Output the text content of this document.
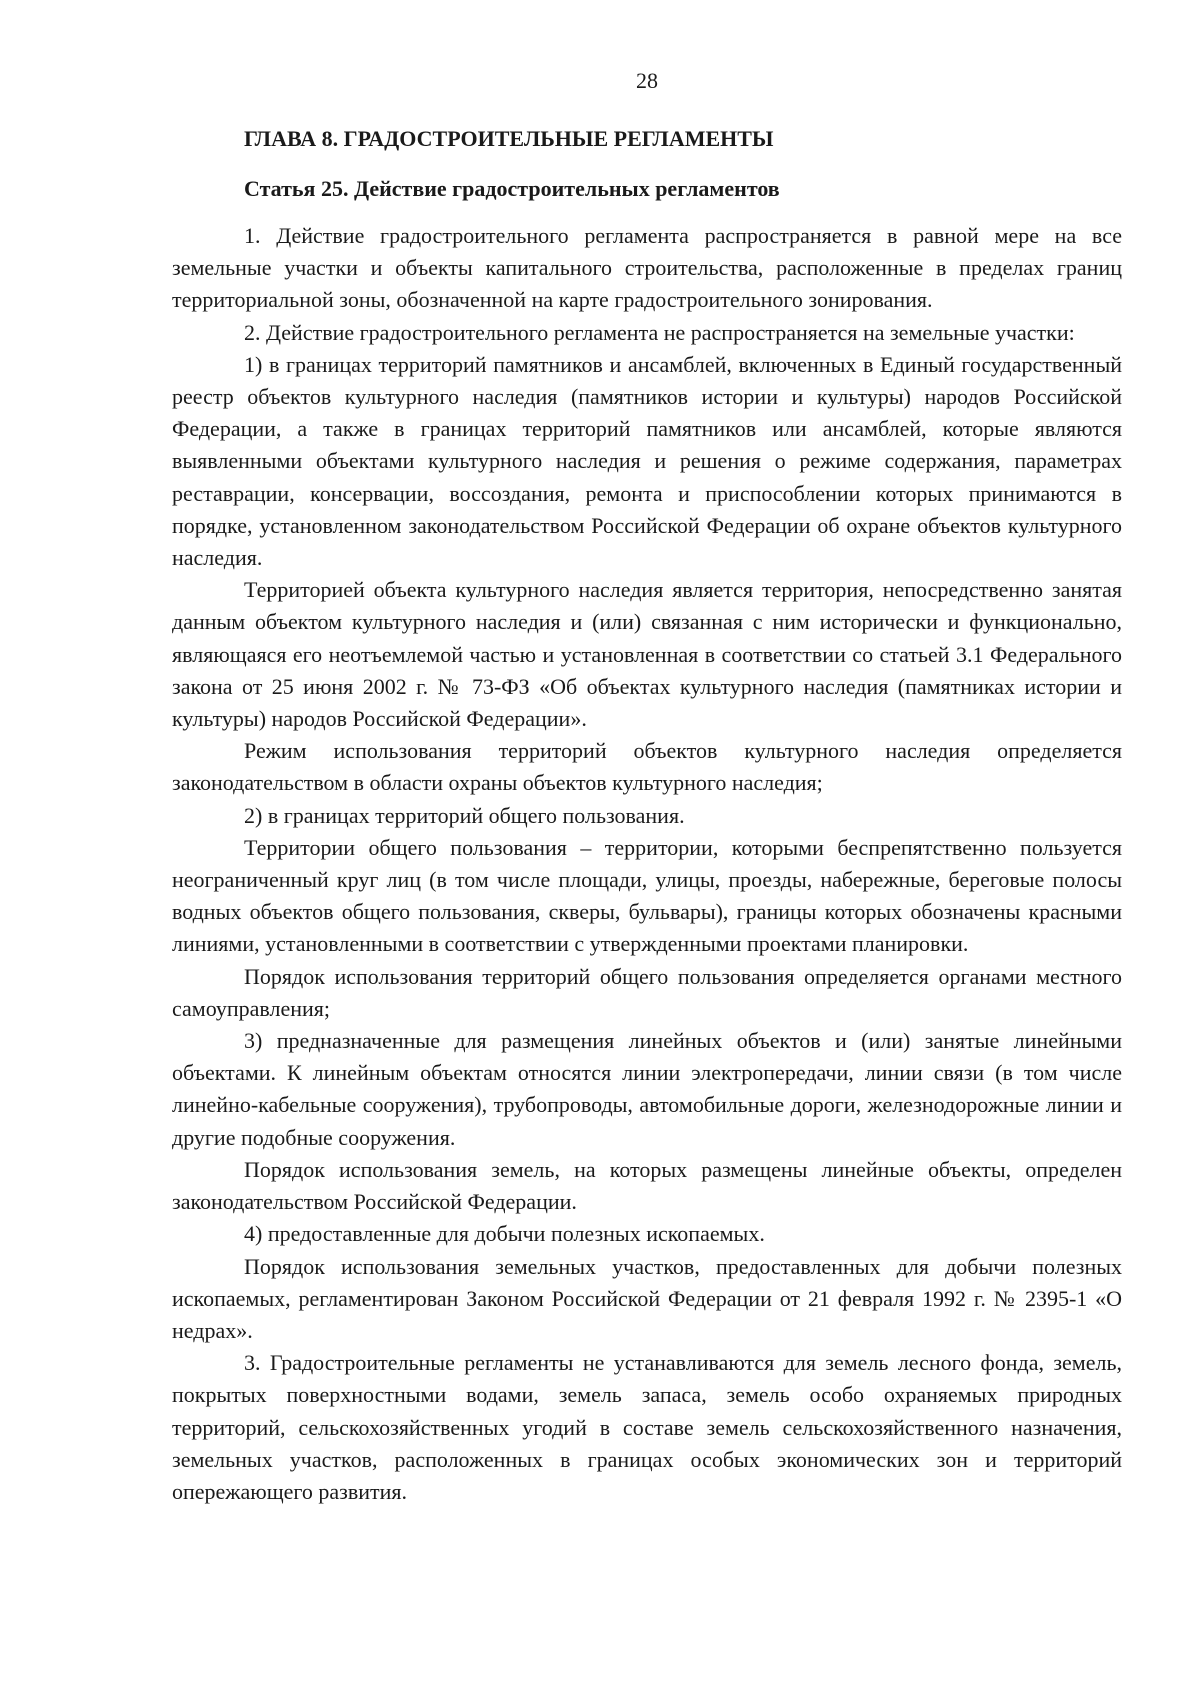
28
ГЛАВА 8. ГРАДОСТРОИТЕЛЬНЫЕ РЕГЛАМЕНТЫ
Статья 25. Действие градостроительных регламентов

1. Действие градостроительного регламента распространяется в равной мере на все земельные участки и объекты капитального строительства, расположенные в пределах границ территориальной зоны, обозначенной на карте градостроительного зонирования.

2. Действие градостроительного регламента не распространяется на земельные участки:

1) в границах территорий памятников и ансамблей, включенных в Единый государственный реестр объектов культурного наследия (памятников истории и культуры) народов Российской Федерации, а также в границах территорий памятников или ансамблей, которые являются выявленными объектами культурного наследия и решения о режиме содержания, параметрах реставрации, консервации, воссоздания, ремонта и приспособлении которых принимаются в порядке, установленном законодательством Российской Федерации об охране объектов культурного наследия.

Территорией объекта культурного наследия является территория, непосредственно занятая данным объектом культурного наследия и (или) связанная с ним исторически и функционально, являющаяся его неотъемлемой частью и установленная в соответствии со статьей 3.1 Федерального закона от 25 июня 2002 г. № 73-ФЗ «Об объектах культурного наследия (памятниках истории и культуры) народов Российской Федерации».

Режим использования территорий объектов культурного наследия определяется законодательством в области охраны объектов культурного наследия;

2) в границах территорий общего пользования.

Территории общего пользования – территории, которыми беспрепятственно пользуется неограниченный круг лиц (в том числе площади, улицы, проезды, набережные, береговые полосы водных объектов общего пользования, скверы, бульвары), границы которых обозначены красными линиями, установленными в соответствии с утвержденными проектами планировки.

Порядок использования территорий общего пользования определяется органами местного самоуправления;

3) предназначенные для размещения линейных объектов и (или) занятые линейными объектами. К линейным объектам относятся линии электропередачи, линии связи (в том числе линейно-кабельные сооружения), трубопроводы, автомобильные дороги, железнодорожные линии и другие подобные сооружения.

Порядок использования земель, на которых размещены линейные объекты, определен законодательством Российской Федерации.

4) предоставленные для добычи полезных ископаемых.

Порядок использования земельных участков, предоставленных для добычи полезных ископаемых, регламентирован Законом Российской Федерации от 21 февраля 1992 г. № 2395-1 «О недрах».

3. Градостроительные регламенты не устанавливаются для земель лесного фонда, земель, покрытых поверхностными водами, земель запаса, земель особо охраняемых природных территорий, сельскохозяйственных угодий в составе земель сельскохозяйственного назначения, земельных участков, расположенных в границах особых экономических зон и территорий опережающего развития.
